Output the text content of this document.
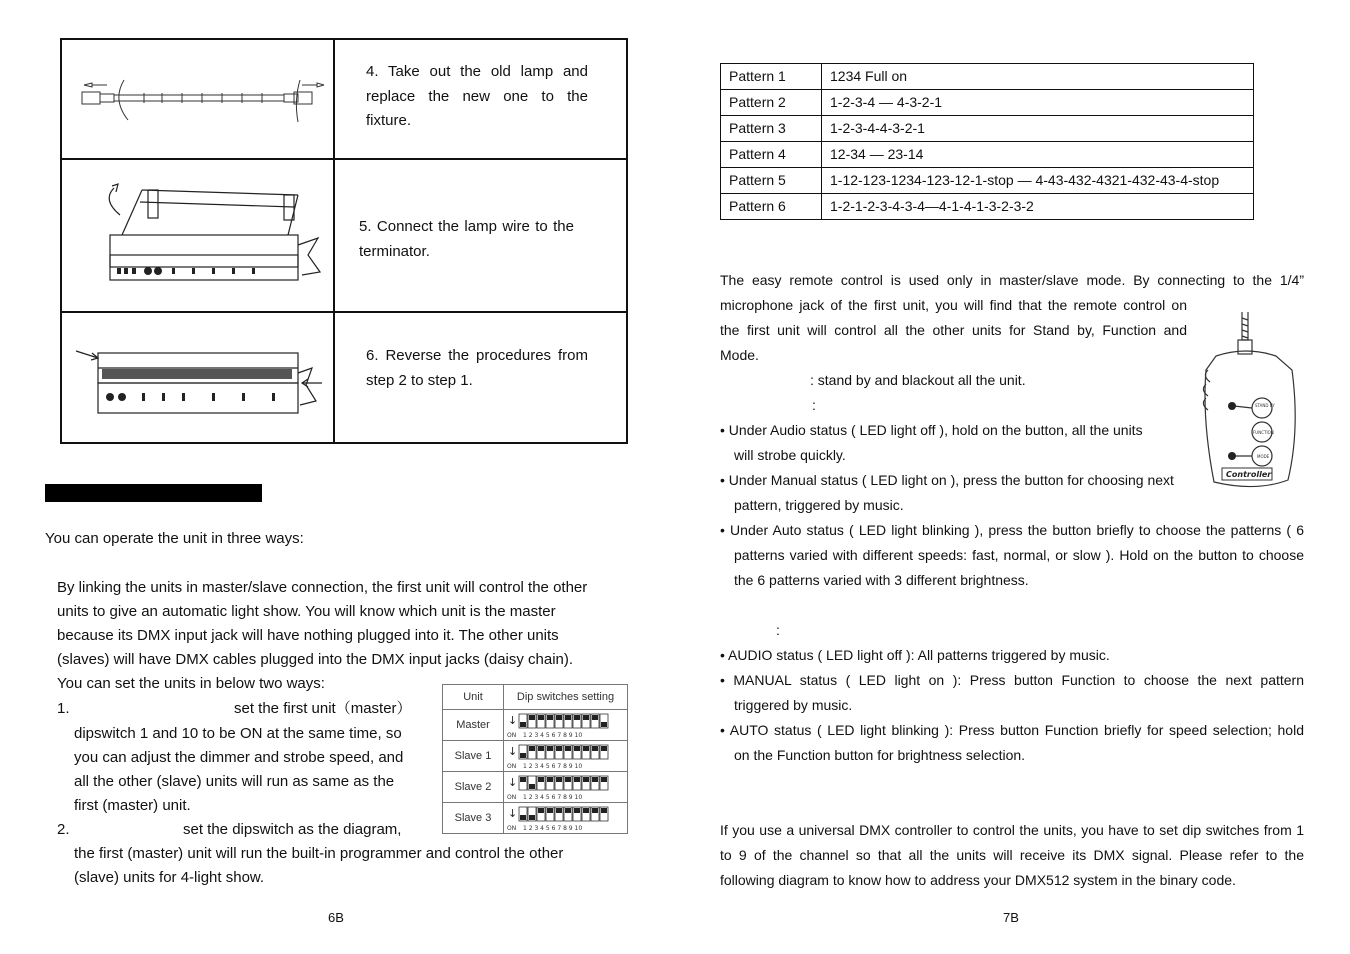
4. Take out the old lamp and replace the new one to the fixture.
5. Connect the lamp wire to the terminator.
6. Reverse the procedures from step 2 to step 1.
You can operate the unit in three ways:
By linking the units in master/slave connection, the first unit will control the other
units to give an automatic light show. You will know which unit is the master
because its DMX input jack will have nothing plugged into it. The other units
(slaves) will have DMX cables plugged into the DMX input jacks (daisy chain).
You can set the units in below two ways:
1.	set the first unit（master）
dipswitch 1 and 10 to be ON at the same time, so
you can adjust the dimmer and strobe speed, and
all the other (slave) units will run as same as the
first (master) unit.
2.	set the dipswitch as the diagram,
the first (master) unit will run the built-in programmer and control the other
(slave) units for 4-light show.
Unit	Dip switches setting
Master	↓
ON 1 2 3 4 5 6 7 8 9 10
Slave 1	↓
ON 1 2 3 4 5 6 7 8 9 10
Slave 2	↓
ON 1 2 3 4 5 6 7 8 9 10
Slave 3	↓
ON 1 2 3 4 5 6 7 8 9 10
6B
Pattern 1	1234 Full on
Pattern 2	1-2-3-4 — 4-3-2-1
Pattern 3	1-2-3-4-4-3-2-1
Pattern 4	12-34 — 23-14
Pattern 5	1-12-123-1234-123-12-1-stop — 4-43-432-4321-432-43-4-stop
Pattern 6	1-2-1-2-3-4-3-4—4-1-4-1-3-2-3-2
The easy remote control is used only in master/slave mode. By connecting to the 1/4”
microphone jack of the first unit, you will find that the remote control on
the first unit will control all the other units for Stand by, Function and
Mode.
: stand by and blackout all the unit.
:
• Under Audio status ( LED light off ), hold on the button, all the units
will strobe quickly.
• Under Manual status ( LED light on ), press the button for choosing next
pattern, triggered by music.
• Under Auto status ( LED light blinking ), press the button briefly to choose the patterns ( 6
patterns varied with different speeds: fast, normal, or slow ). Hold on the button to choose
the 6 patterns varied with 3 different brightness.
:
• AUDIO status ( LED light off ): All patterns triggered by music.
• MANUAL status ( LED light on ): Press button Function to choose the next pattern
triggered by music.
• AUTO status ( LED light blinking ): Press button Function briefly for speed selection; hold
on the Function button for brightness selection.
If you use a universal DMX controller to control the units, you have to set dip switches from 1
to 9 of the channel so that all the units will receive its DMX signal. Please refer to the
following diagram to know how to address your DMX512 system in the binary code.
STAND BY
FUNCTION
MODE
Controller
7B
